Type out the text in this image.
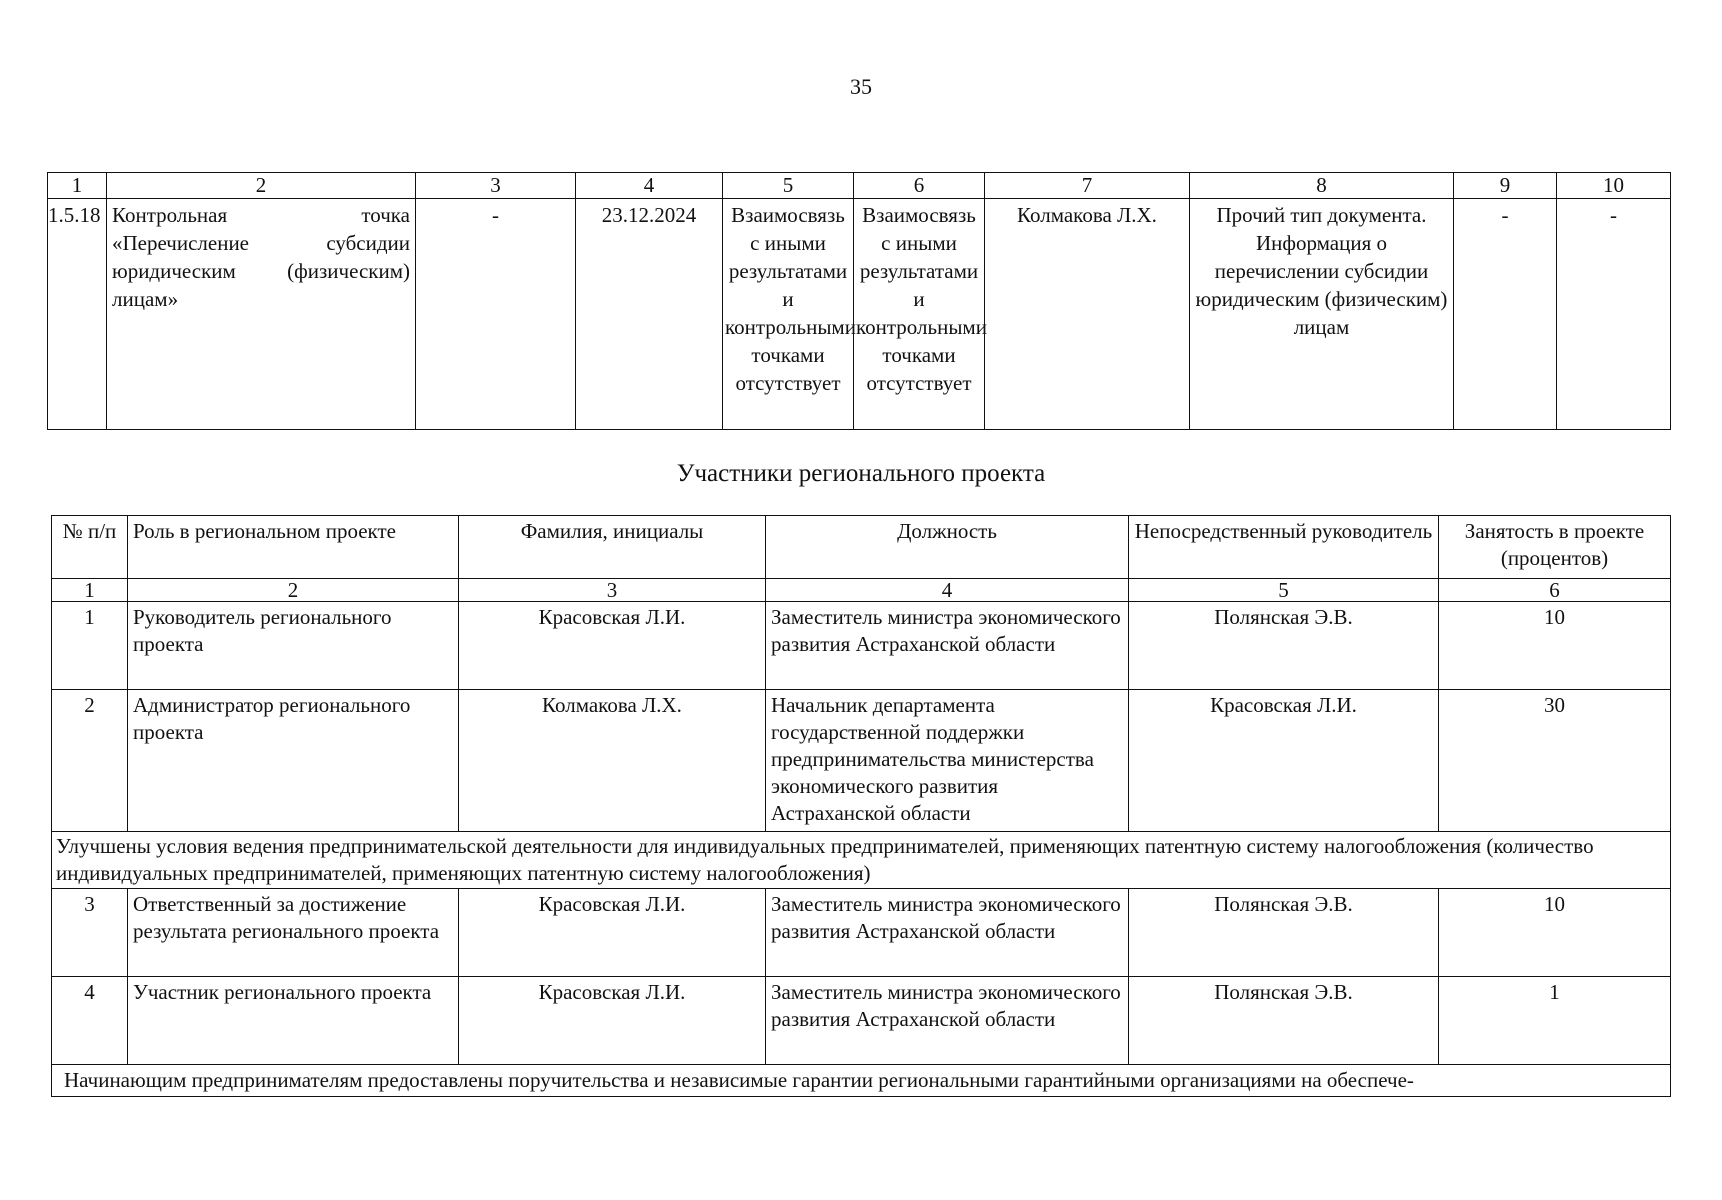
35
1	2	3	4	5	6	7	8	9	10
1.5.18	Контрольная точка «Перечисление субсидии юридическим (физическим) лицам»	-	23.12.2024	Взаимосвязь с иными результатами и контрольными точками отсутствует	Взаимосвязь с иными результатами и контрольными точками отсутствует	Колмакова Л.Х.	Прочий тип документа. Информация о перечислении субсидии юридическим (физическим) лицам	-	-
Участники регионального проекта
№ п/п	Роль в региональном проекте	Фамилия, инициалы	Должность	Непосредственный руководитель	Занятость в проекте (процентов)
1	2	3	4	5	6
1	Руководитель регионального проекта	Красовская Л.И.	Заместитель министра экономического развития Астраханской области	Полянская Э.В.	10
2	Администратор регионального проекта	Колмакова Л.Х.	Начальник департамента государственной поддержки предпринимательства министерства экономического развития Астраханской области	Красовская Л.И.	30
Улучшены условия ведения предпринимательской деятельности для индивидуальных предпринимателей, применяющих патентную систему налогообложения (количество индивидуальных предпринимателей, применяющих патентную систему налогообложения)					
3	Ответственный за достижение результата регионального проекта	Красовская Л.И.	Заместитель министра экономического развития Астраханской области	Полянская Э.В.	10
4	Участник регионального проекта	Красовская Л.И.	Заместитель министра экономического развития Астраханской области	Полянская Э.В.	1
Начинающим предпринимателям предоставлены поручительства и независимые гарантии региональными гарантийными организациями на обеспече-					
